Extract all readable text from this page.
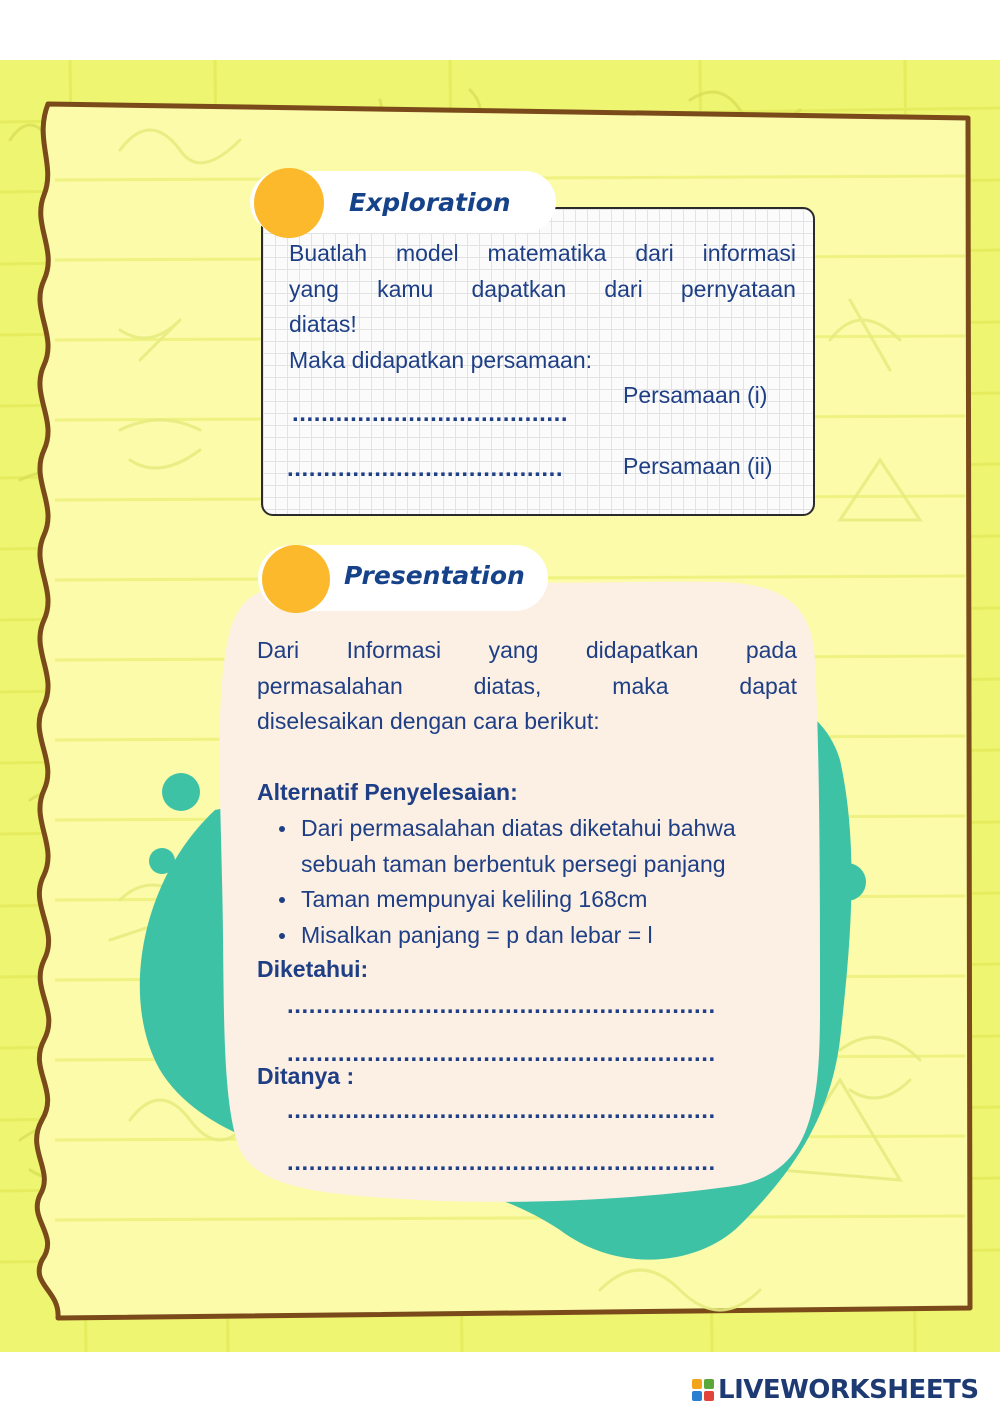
Exploration
Buatlah model matematika dari informasi
yang kamu dapatkan dari pernyataan
diatas!
Maka didapatkan persamaan:
......................................
Persamaan (i)
......................................	Persamaan (ii)
Presentation
Dari Informasi yang didapatkan pada
permasalahan	diatas,	maka	dapat
diselesaikan dengan cara berikut:
Alternatif Penyelesaian:
Dari permasalahan diatas diketahui bahwa
sebuah taman berbentuk persegi panjang
Taman mempunyai keliling 168cm
Misalkan panjang = p dan lebar = l
Diketahui:
...........................................................
...........................................................
Ditanya :
...........................................................
...........................................................
LIVEWORKSHEETS
